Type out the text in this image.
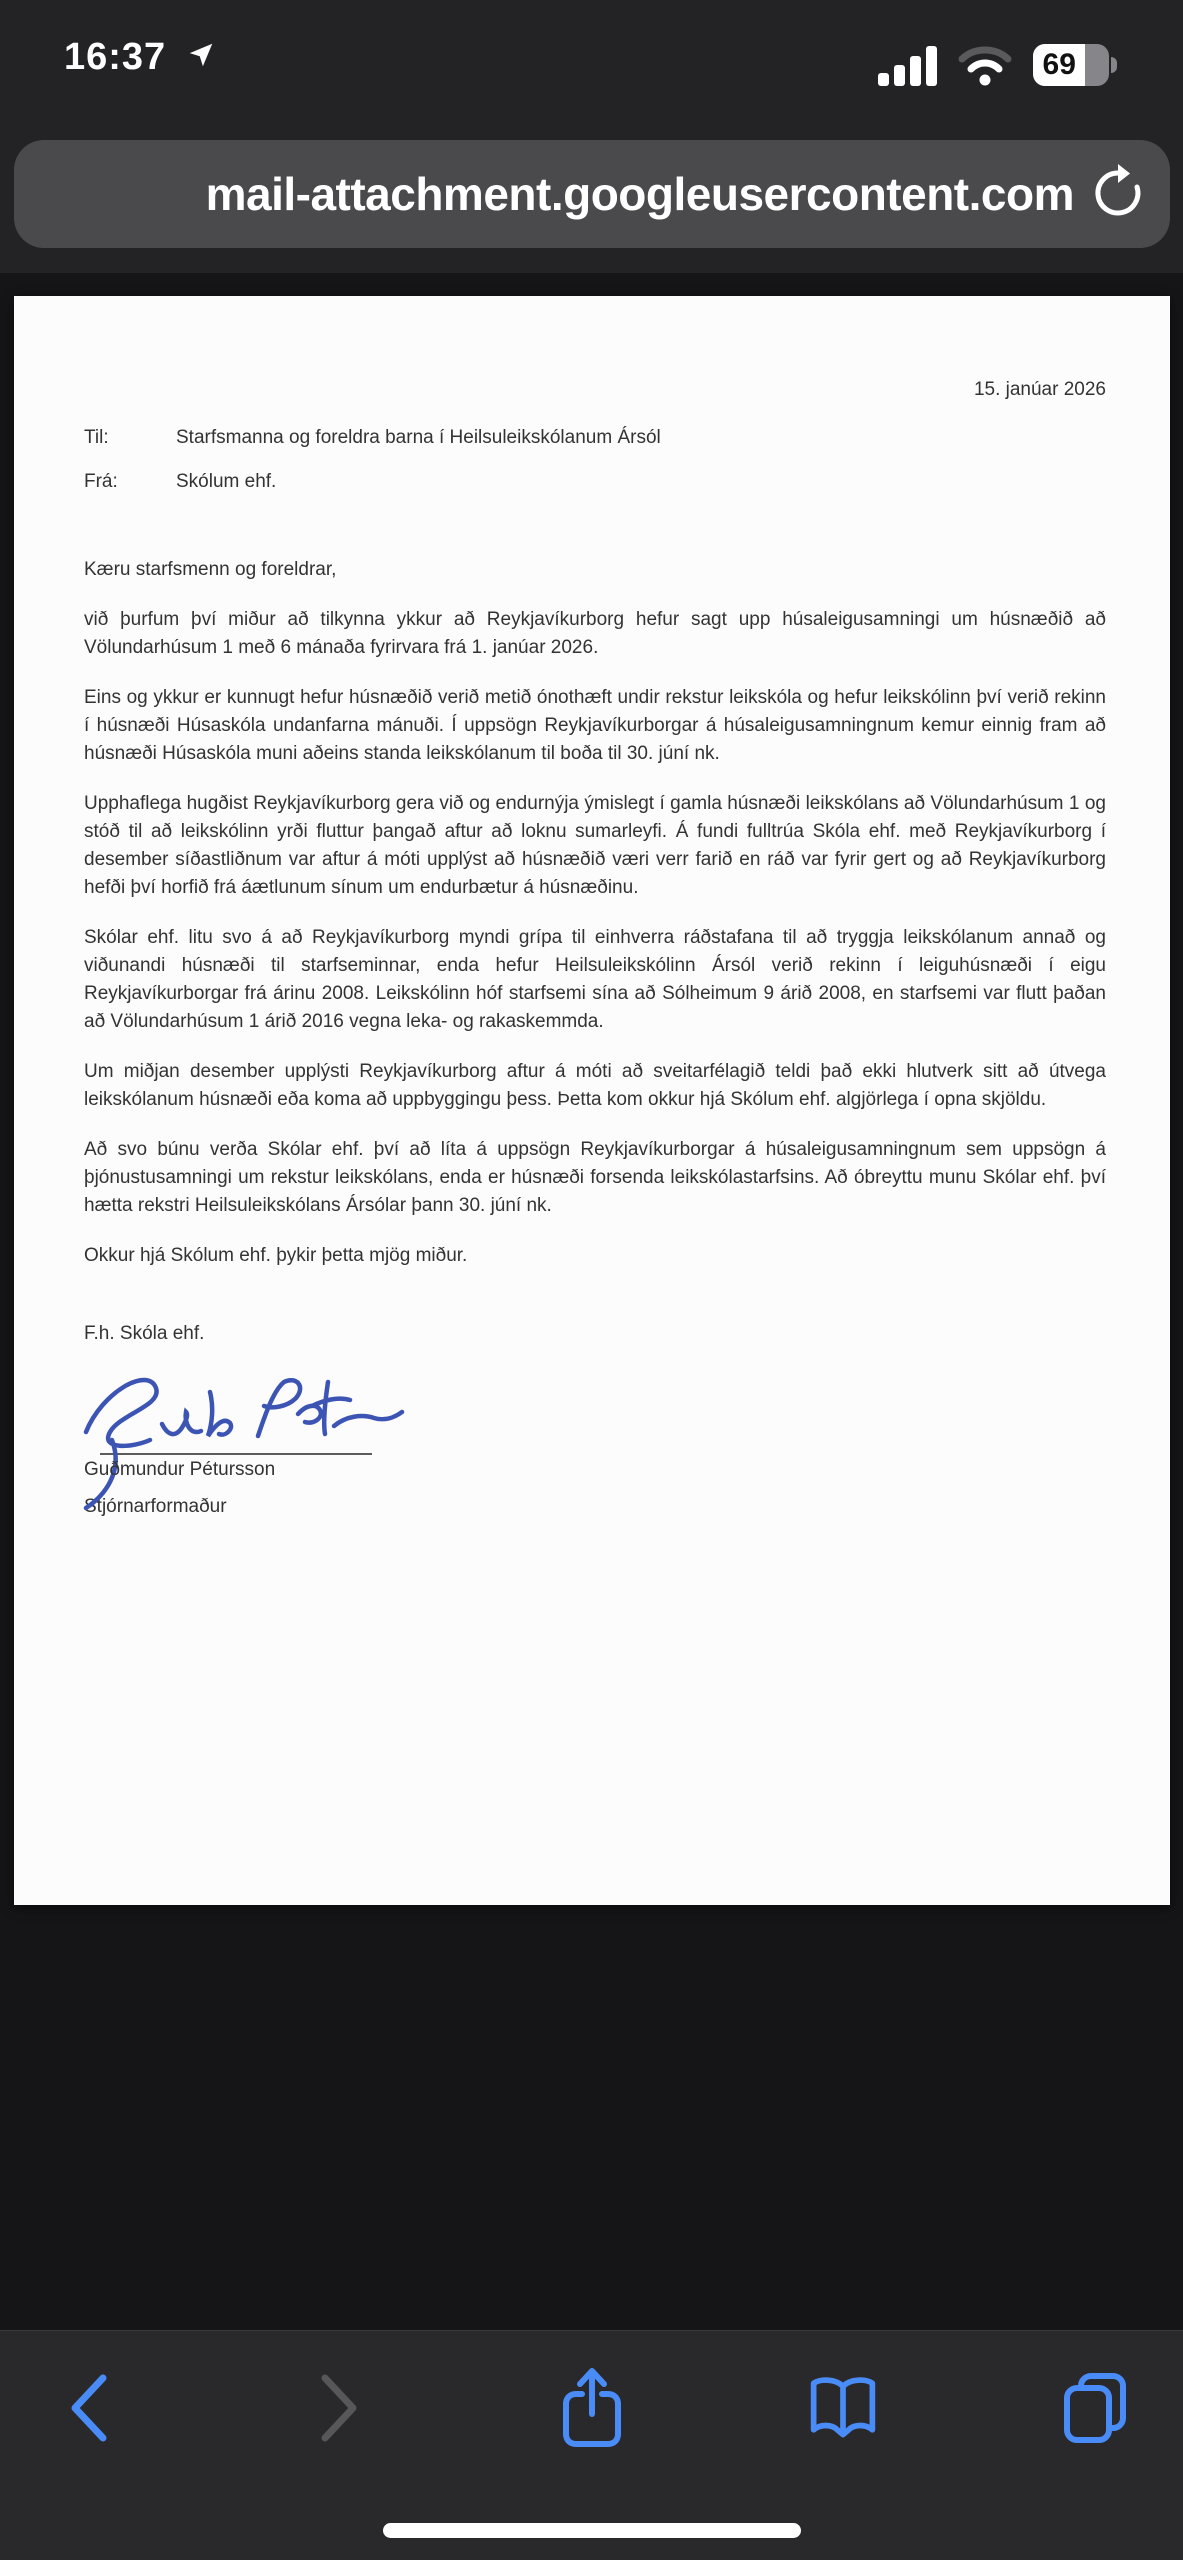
16:37	69
mail-attachment.googleusercontent.com
15. janúar 2026
Til:	Starfsmanna og foreldra barna í Heilsuleikskólanum Ársól
Frá:	Skólum ehf.

Kæru starfsmenn og foreldrar,

við þurfum því miður að tilkynna ykkur að Reykjavíkurborg hefur sagt upp húsaleigusamningi um húsnæðið að Völundarhúsum 1 með 6 mánaða fyrirvara frá 1. janúar 2026.

Eins og ykkur er kunnugt hefur húsnæðið verið metið ónothæft undir rekstur leikskóla og hefur leikskólinn því verið rekinn í húsnæði Húsaskóla undanfarna mánuði. Í uppsögn Reykjavíkurborgar á húsaleigusamningnum kemur einnig fram að húsnæði Húsaskóla muni aðeins standa leikskólanum til boða til 30. júní nk.

Upphaflega hugðist Reykjavíkurborg gera við og endurnýja ýmislegt í gamla húsnæði leikskólans að Völundarhúsum 1 og stóð til að leikskólinn yrði fluttur þangað aftur að loknu sumarleyfi. Á fundi fulltrúa Skóla ehf. með Reykjavíkurborg í desember síðastliðnum var aftur á móti upplýst að húsnæðið væri verr farið en ráð var fyrir gert og að Reykjavíkurborg hefði því horfið frá áætlunum sínum um endurbætur á húsnæðinu.

Skólar ehf. litu svo á að Reykjavíkurborg myndi grípa til einhverra ráðstafana til að tryggja leikskólanum annað og viðunandi húsnæði til starfseminnar, enda hefur Heilsuleikskólinn Ársól verið rekinn í leiguhúsnæði í eigu Reykjavíkurborgar frá árinu 2008. Leikskólinn hóf starfsemi sína að Sólheimum 9 árið 2008, en starfsemi var flutt þaðan að Völundarhúsum 1 árið 2016 vegna leka- og rakaskemmda.

Um miðjan desember upplýsti Reykjavíkurborg aftur á móti að sveitarfélagið teldi það ekki hlutverk sitt að útvega leikskólanum húsnæði eða koma að uppbyggingu þess. Þetta kom okkur hjá Skólum ehf. algjörlega í opna skjöldu.

Að svo búnu verða Skólar ehf. því að líta á uppsögn Reykjavíkurborgar á húsaleigusamningnum sem uppsögn á þjónustusamningi um rekstur leikskólans, enda er húsnæði forsenda leikskólastarfsins. Að óbreyttu munu Skólar ehf. því hætta rekstri Heilsuleikskólans Ársólar þann 30. júní nk.

Okkur hjá Skólum ehf. þykir þetta mjög miður.

F.h. Skóla ehf.

Guðmundur Pétursson
Stjórnarformaður
